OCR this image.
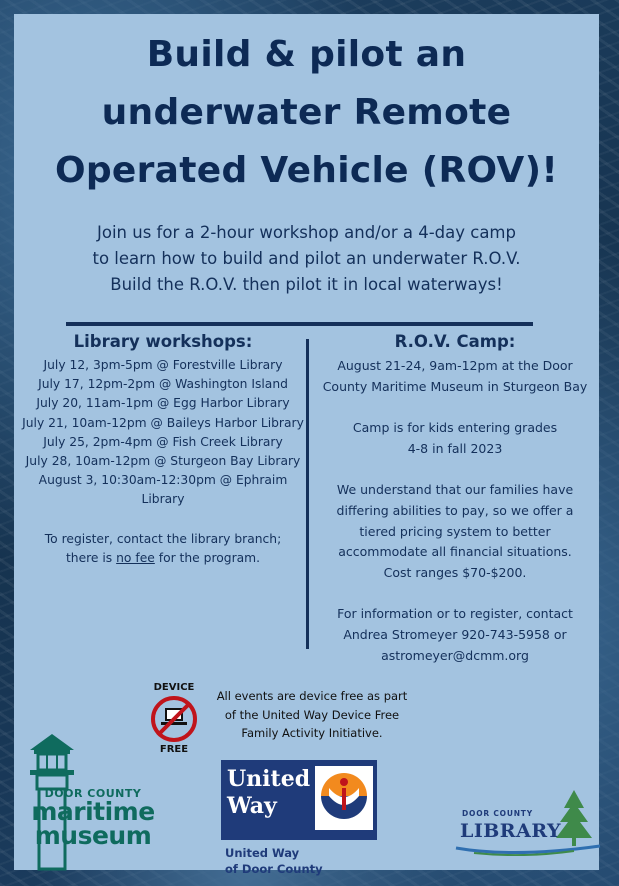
Build & pilot an
underwater Remote
Operated Vehicle (ROV)!
Join us for a 2-hour workshop and/or a 4-day camp
to learn how to build and pilot an underwater R.O.V.
Build the R.O.V. then pilot it in local waterways!
Library workshops:
July 12, 3pm-5pm @ Forestville Library
July 17, 12pm-2pm @ Washington Island
July 20, 11am-1pm @ Egg Harbor Library
July 21, 10am-12pm @ Baileys Harbor Library
July 25, 2pm-4pm @ Fish Creek Library
July 28, 10am-12pm @ Sturgeon Bay Library
August 3, 10:30am-12:30pm @ Ephraim
Library
To register, contact the library branch;
there is no fee for the program.
R.O.V. Camp:
August 21-24, 9am-12pm at the Door
County Maritime Museum in Sturgeon Bay
Camp is for kids entering grades
4-8 in fall 2023
We understand that our families have
differing abilities to pay, so we offer a
tiered pricing system to better
accommodate all financial situations.
Cost ranges $70-$200.
For information or to register, contact
Andrea Stromeyer 920-743-5958 or
astromeyer@dcmm.org
DEVICE
FREE
All events are device free as part
of the United Way Device Free
Family Activity Initiative.
DOOR COUNTY
maritime
museum
United
Way
United Way
of Door County
DOOR COUNTY
LIBRARY
